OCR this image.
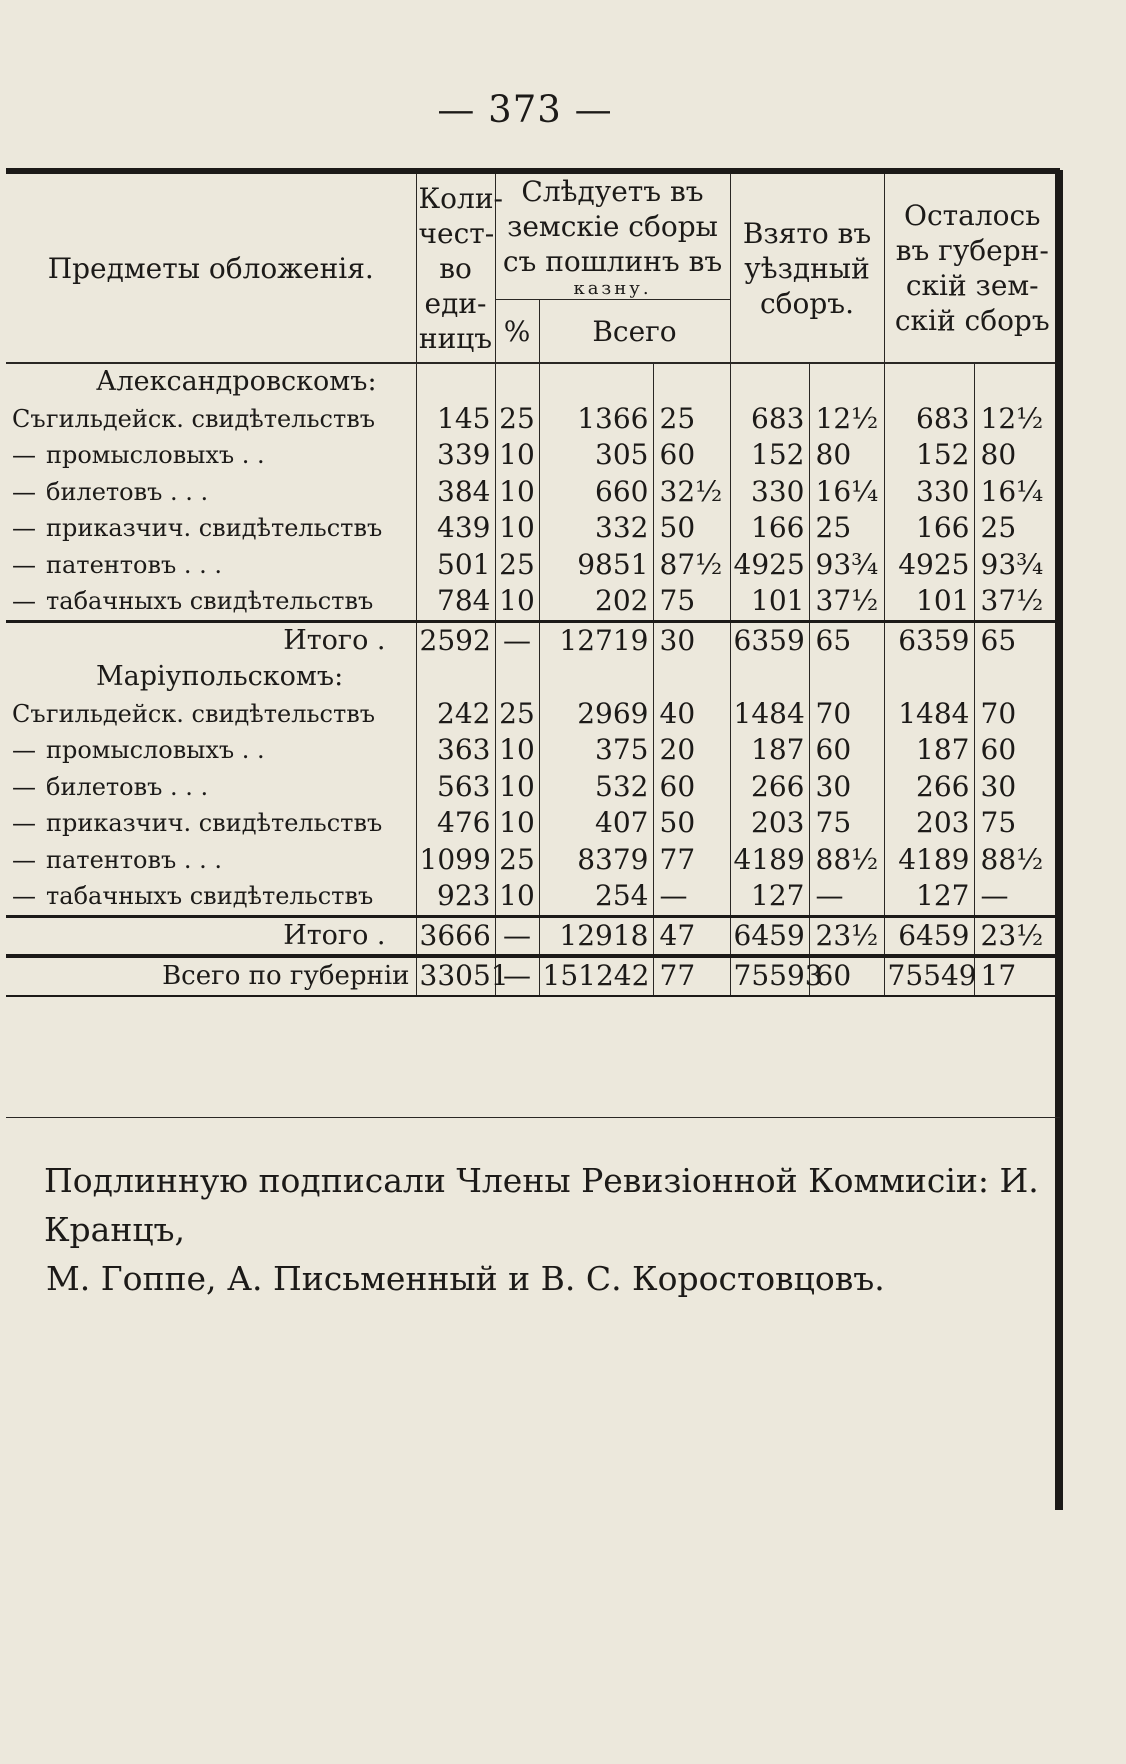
— 373 —
Предметы обложенія.	Количество единицъ	Слѣдуетъ въ земскіе сборы съ пошлинъ въ			Взято въ уѣздный сборъ.		Осталось въ губернскій земскій сборъ	
		казну.						
		%	Всего					
Александровскомъ:								
Съгильдейск. свидѣтельствъ	145	25	1366	25	683	12½	683	12½
— промысловыхъ . .	339	10	305	60	152	80	152	80
— билетовъ . . .	384	10	660	32½	330	16¼	330	16¼
— приказчич. свидѣтельствъ	439	10	332	50	166	25	166	25
— патентовъ . . .	501	25	9851	87½	4925	93¾	4925	93¾
— табачныхъ свидѣтельствъ	784	10	202	75	101	37½	101	37½
Итого .	2592	—	12719	30	6359	65	6359	65
Маріупольскомъ:								
Съгильдейск. свидѣтельствъ	242	25	2969	40	1484	70	1484	70
— промысловыхъ . .	363	10	375	20	187	60	187	60
— билетовъ . . .	563	10	532	60	266	30	266	30
— приказчич. свидѣтельствъ	476	10	407	50	203	75	203	75
— патентовъ . . .	1099	25	8379	77	4189	88½	4189	88½
— табачныхъ свидѣтельствъ	923	10	254	—	127	—	127	—
Итого .	3666	—	12918	47	6459	23½	6459	23½
Всего по губерніи	33051	—	151242	77	75593	60	75549	17

Подлинную подписали Члены Ревизіонной Коммисіи: И. Кранцъ,

М. Гоппе, А. Письменный и В. С. Коростовцовъ.
